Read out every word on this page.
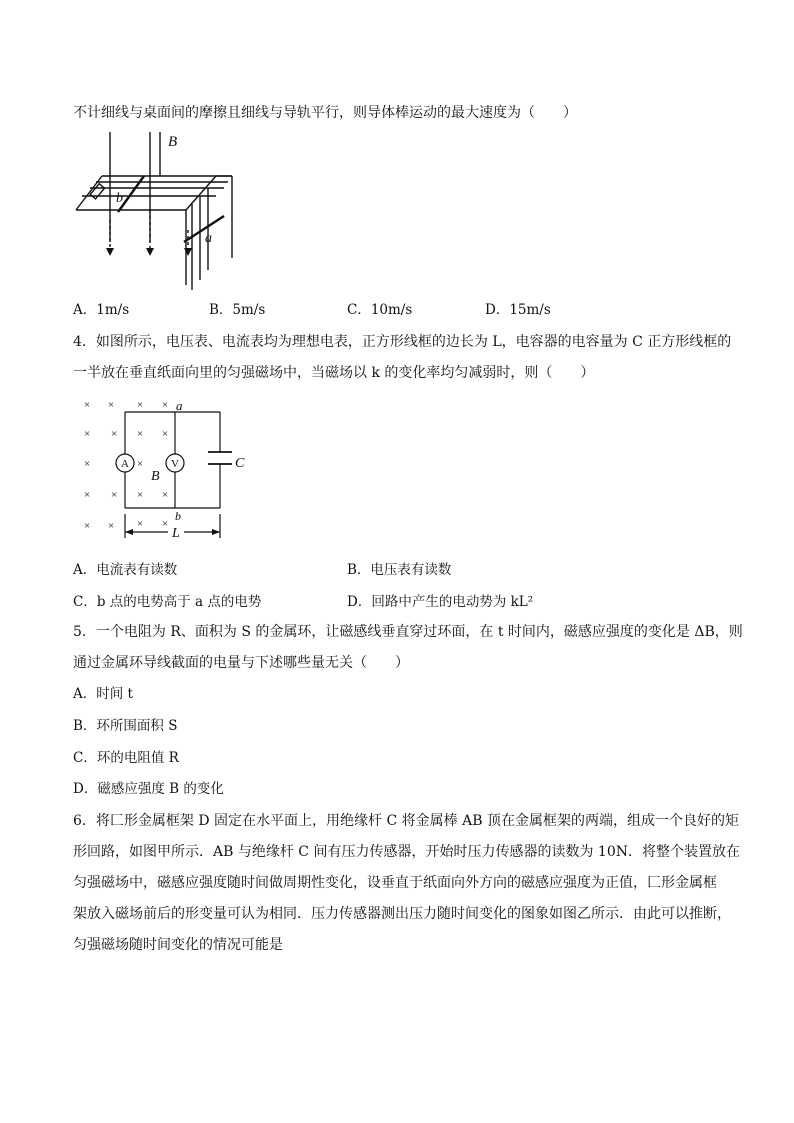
不计细线与桌面间的摩擦且细线与导轨平行，则导体棒运动的最大速度为（　　）
B
b
a
A．1m/s	B．5m/s	C．10m/s	D．15m/s
4．如图所示，电压表、电流表均为理想电表，正方形线框的边长为 L，电容器的电容量为 C 正方形线框的
一半放在垂直纸面向里的匀强磁场中，当磁场以 k 的变化率均匀减弱时，则（　　）
× × × ×
× × × ×
×	×
× × × ×
× × × ×
A	V
a
b
B
C
L
A．电流表有读数	B．电压表有读数
C．b 点的电势高于 a 点的电势	D．回路中产生的电动势为 kL²
5．一个电阻为 R、面积为 S 的金属环，让磁感线垂直穿过环面，在 t 时间内，磁感应强度的变化是 ΔB，则
通过金属环导线截面的电量与下述哪些量无关（　　）
A．时间 t
B．环所围面积 S
C．环的电阻值 R
D．磁感应强度 B 的变化
6．将匚形金属框架 D 固定在水平面上，用绝缘杆 C 将金属棒 AB 顶在金属框架的两端，组成一个良好的矩
形回路，如图甲所示．AB 与绝缘杆 C 间有压力传感器，开始时压力传感器的读数为 10N．将整个装置放在
匀强磁场中，磁感应强度随时间做周期性变化，设垂直于纸面向外方向的磁感应强度为正值，匚形金属框
架放入磁场前后的形变量可认为相同．压力传感器测出压力随时间变化的图象如图乙所示．由此可以推断，
匀强磁场随时间变化的情况可能是
